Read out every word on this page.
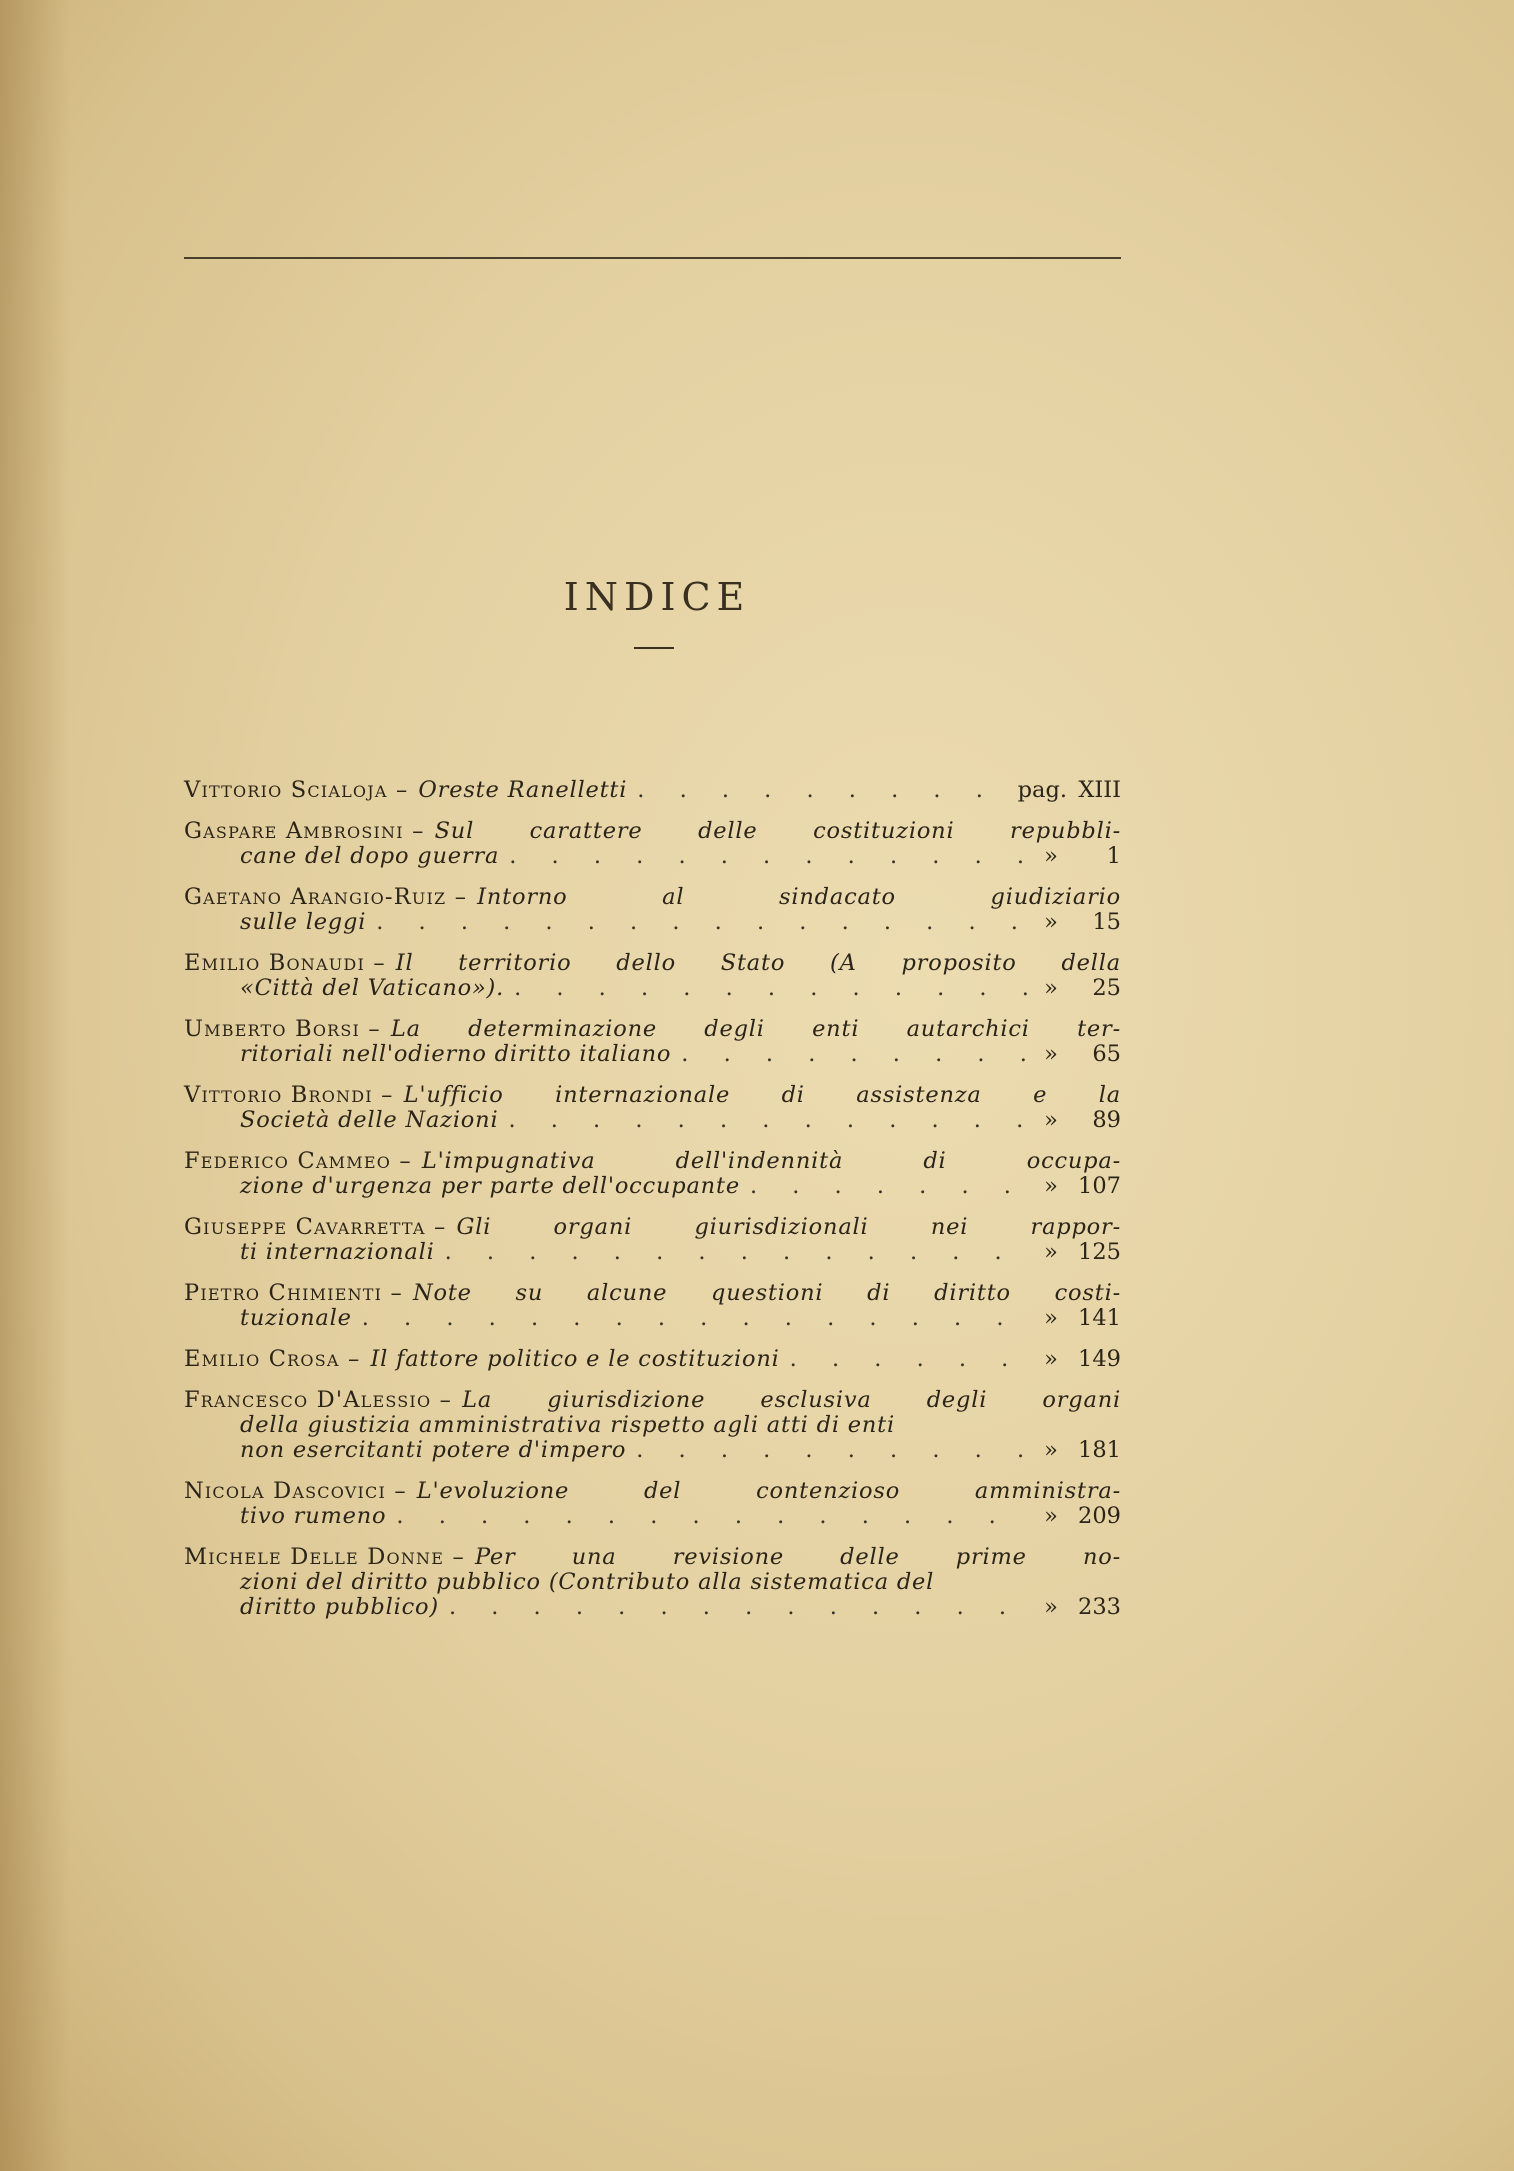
INDICE
Vittorio Scialoja – Oreste Ranelletti . . .	pag. XIII
Gaspare Ambrosini – Sul carattere delle costituzioni repubbli-
cane del dopo guerra . . .	»	1
Gaetano Arangio-Ruiz – Intorno al sindacato giudiziario
sulle leggi . . .	»	15
Emilio Bonaudi – Il territorio dello Stato (A proposito della
«Città del Vaticano»). . . .	»	25
Umberto Borsi – La determinazione degli enti autarchici ter-
ritoriali nell'odierno diritto italiano . . .	»	65
Vittorio Brondi – L'ufficio internazionale di assistenza e la
Società delle Nazioni . . .	»	89
Federico Cammeo – L'impugnativa dell'indennità di occupa-
zione d'urgenza per parte dell'occupante . . .	» 107
Giuseppe Cavarretta – Gli organi giurisdizionali nei rappor-
ti internazionali . . .	» 125
Pietro Chimienti – Note su alcune questioni di diritto costi-
tuzionale . . .	» 141
Emilio Crosa – Il fattore politico e le costituzioni . . .	» 149
Francesco D'Alessio – La giurisdizione esclusiva degli organi
della giustizia amministrativa rispetto agli atti di enti
non esercitanti potere d'impero . . .	» 181
Nicola Dascovici – L'evoluzione del contenzioso amministra-
tivo rumeno . . .	» 209
Michele Delle Donne – Per una revisione delle prime no-
zioni del diritto pubblico (Contributo alla sistematica del
diritto pubblico) . . .	» 233
